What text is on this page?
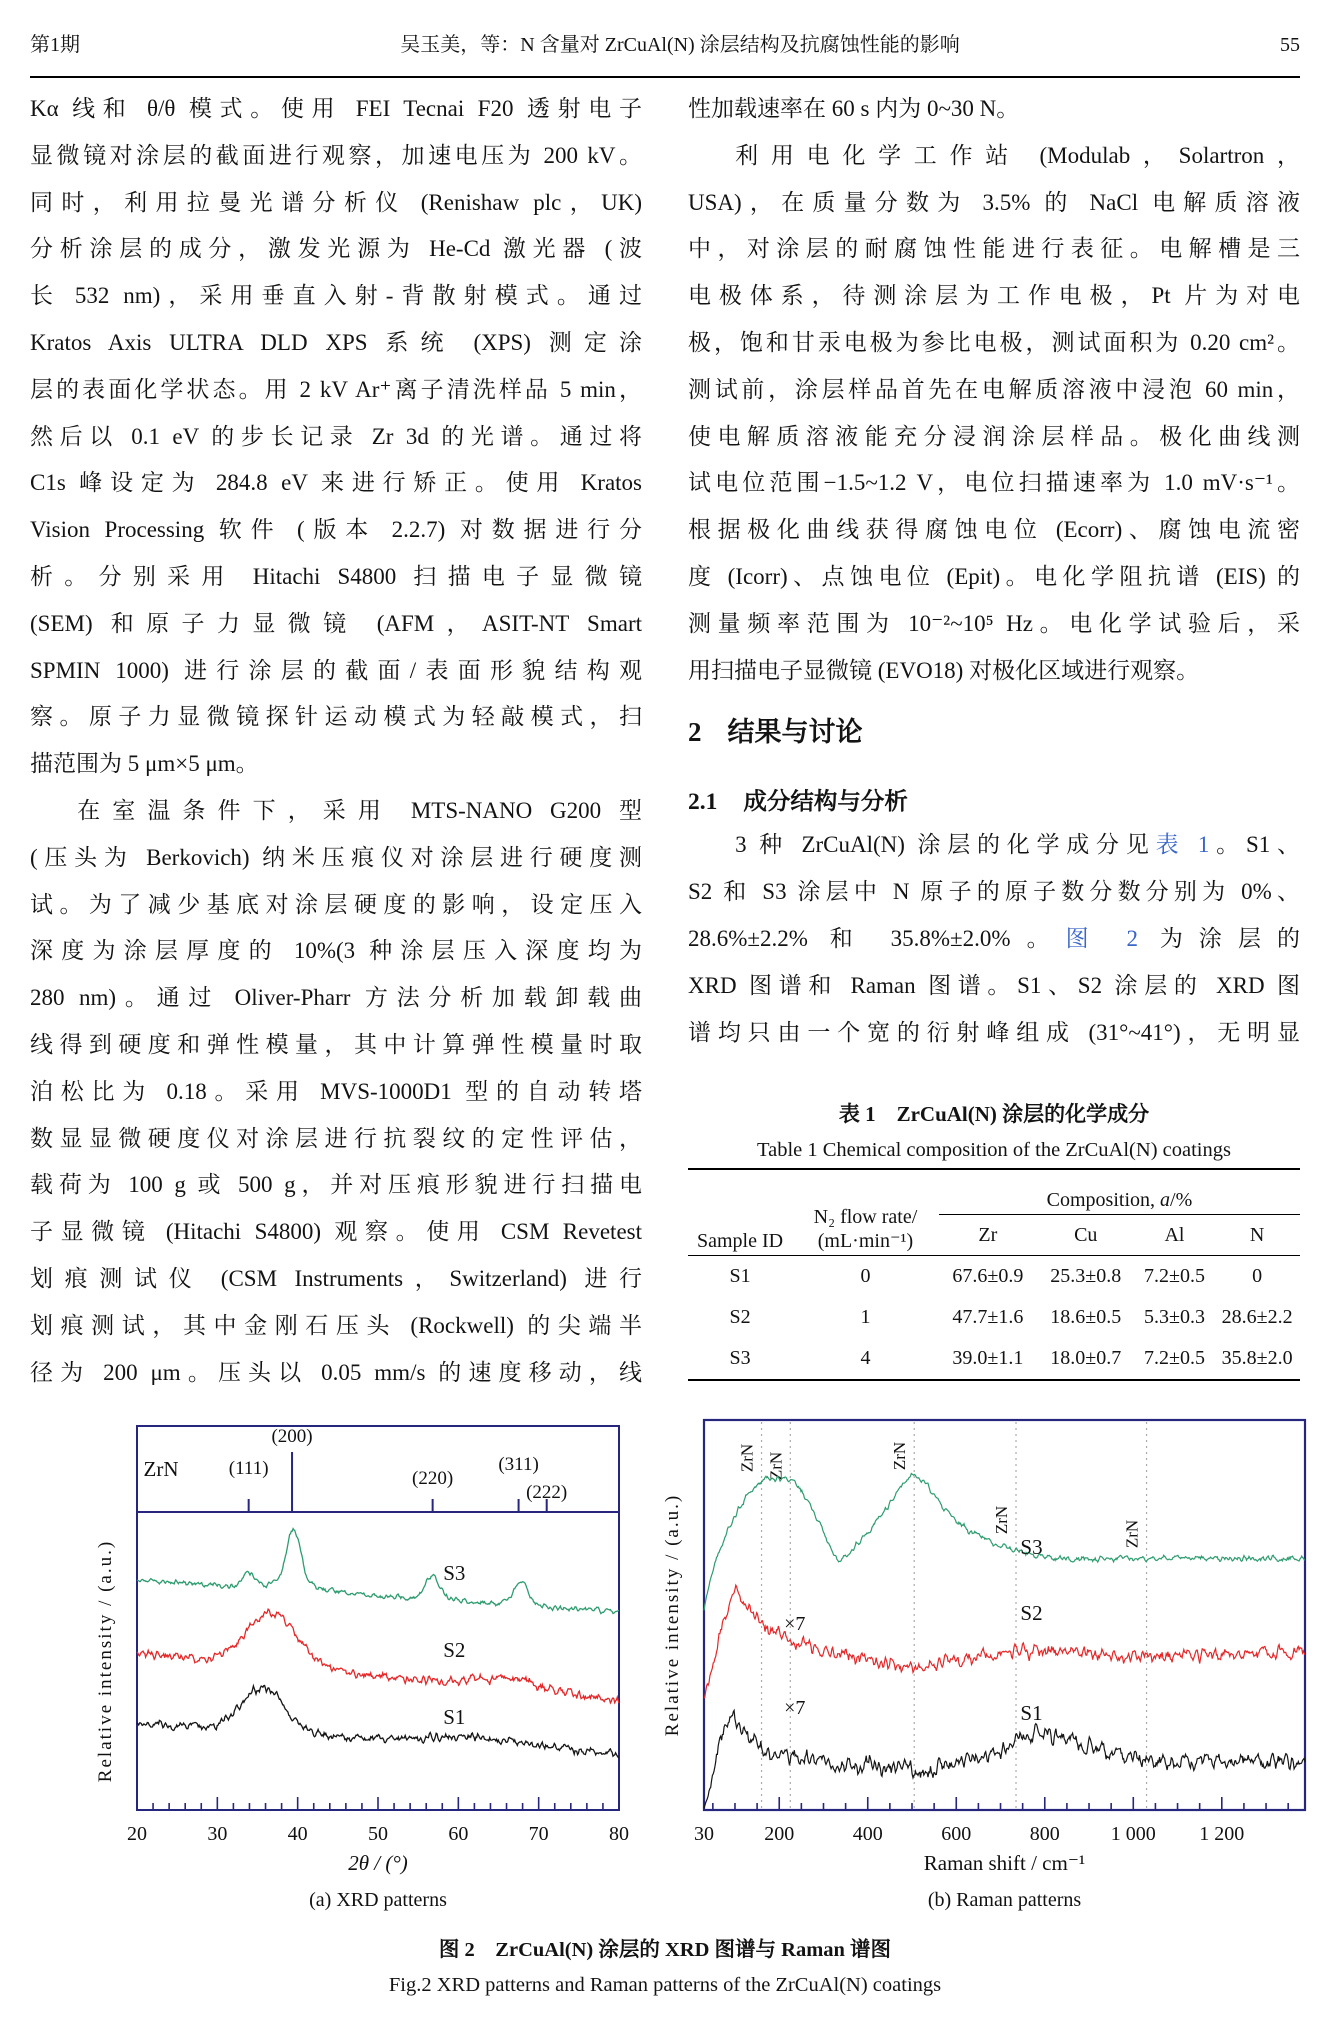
第1期	吴玉美，等：N 含量对 ZrCuAl(N) 涂层结构及抗腐蚀性能的影响	55
Kα 线和 θ/θ 模式。使用 FEI Tecnai F20 透射电子
显微镜对涂层的截面进行观察，加速电压为 200 kV。
同时，利用拉曼光谱分析仪 (Renishaw plc，UK)
分析涂层的成分，激发光源为 He-Cd 激光器 (波
长 532 nm)，采用垂直入射-背散射模式。通过
Kratos Axis ULTRA DLD XPS 系统 (XPS) 测定涂
层的表面化学状态。用 2 kV Ar⁺离子清洗样品 5 min，
然后以 0.1 eV 的步长记录 Zr 3d 的光谱。通过将
C1s 峰设定为 284.8 eV 来进行矫正。使用 Kratos
Vision Processing 软件 (版本 2.2.7) 对数据进行分
析。分别采用 Hitachi S4800 扫描电子显微镜
(SEM) 和原子力显微镜 (AFM，ASIT-NT Smart
SPMIN 1000) 进行涂层的截面/表面形貌结构观
察。原子力显微镜探针运动模式为轻敲模式，扫
描范围为 5 μm×5 μm。
在室温条件下，采用 MTS-NANO G200 型
(压头为 Berkovich) 纳米压痕仪对涂层进行硬度测
试。为了减少基底对涂层硬度的影响，设定压入
深度为涂层厚度的 10%(3 种涂层压入深度均为
280 nm)。通过 Oliver-Pharr 方法分析加载卸载曲
线得到硬度和弹性模量，其中计算弹性模量时取
泊松比为 0.18。采用 MVS-1000D1 型的自动转塔
数显显微硬度仪对涂层进行抗裂纹的定性评估，
载荷为 100 g 或 500 g，并对压痕形貌进行扫描电
子显微镜 (Hitachi S4800) 观察。使用 CSM Revetest
划痕测试仪 (CSM Instruments，Switzerland) 进行
划痕测试，其中金刚石压头 (Rockwell) 的尖端半
径为 200 μm。压头以 0.05 mm/s 的速度移动，线
性加载速率在 60 s 内为 0~30 N。
利用电化学工作站 (Modulab，Solartron，
USA)，在质量分数为 3.5% 的 NaCl 电解质溶液
中，对涂层的耐腐蚀性能进行表征。电解槽是三
电极体系，待测涂层为工作电极，Pt 片为对电
极，饱和甘汞电极为参比电极，测试面积为 0.20 cm²。
测试前，涂层样品首先在电解质溶液中浸泡 60 min，
使电解质溶液能充分浸润涂层样品。极化曲线测
试电位范围−1.5~1.2 V，电位扫描速率为 1.0 mV·s⁻¹。
根据极化曲线获得腐蚀电位 (Ecorr)、腐蚀电流密
度 (Icorr)、点蚀电位 (Epit)。电化学阻抗谱 (EIS) 的
测量频率范围为 10⁻²~10⁵ Hz。电化学试验后，采
用扫描电子显微镜 (EVO18) 对极化区域进行观察。
2 结果与讨论
2.1 成分结构与分析
3 种 ZrCuAl(N) 涂层的化学成分见表 1。S1、
S2 和 S3 涂层中 N 原子的原子数分数分别为 0%、
28.6%±2.2% 和 35.8%±2.0%。图 2 为涂层的
XRD 图谱和 Raman 图谱。S1、S2 涂层的 XRD 图
谱均只由一个宽的衍射峰组成 (31°~41°)，无明显
表 1　ZrCuAl(N) 涂层的化学成分
Table 1 Chemical composition of the ZrCuAl(N) coatings
Sample ID	N₂ flow rate/
(mL·min⁻¹)	Composition, a/%			
		Zr	Cu	Al	N
S1	0	67.6±0.9	25.3±0.8	7.2±0.5	0
S2	1	47.7±1.6	18.6±0.5	5.3±0.3	28.6±2.2
S3	4	39.0±1.1	18.0±0.7	7.2±0.5	35.8±2.0
ZrN	(111)
(200)
(220)
(311)
(222)
20	30	40	50	60	70	80
S3
S2
S1
2θ / (°)
(a) XRD patterns
Relative intensity / (a.u.)
ZrN ZrN	ZrN
ZrN	ZrN
30	200	400	600	800	1 000 1 200
S3
S2
×7
S1
×7
Raman shift / cm⁻¹
(b) Raman patterns
Relative intensity / (a.u.)
图 2　ZrCuAl(N) 涂层的 XRD 图谱与 Raman 谱图
Fig.2 XRD patterns and Raman patterns of the ZrCuAl(N) coatings
